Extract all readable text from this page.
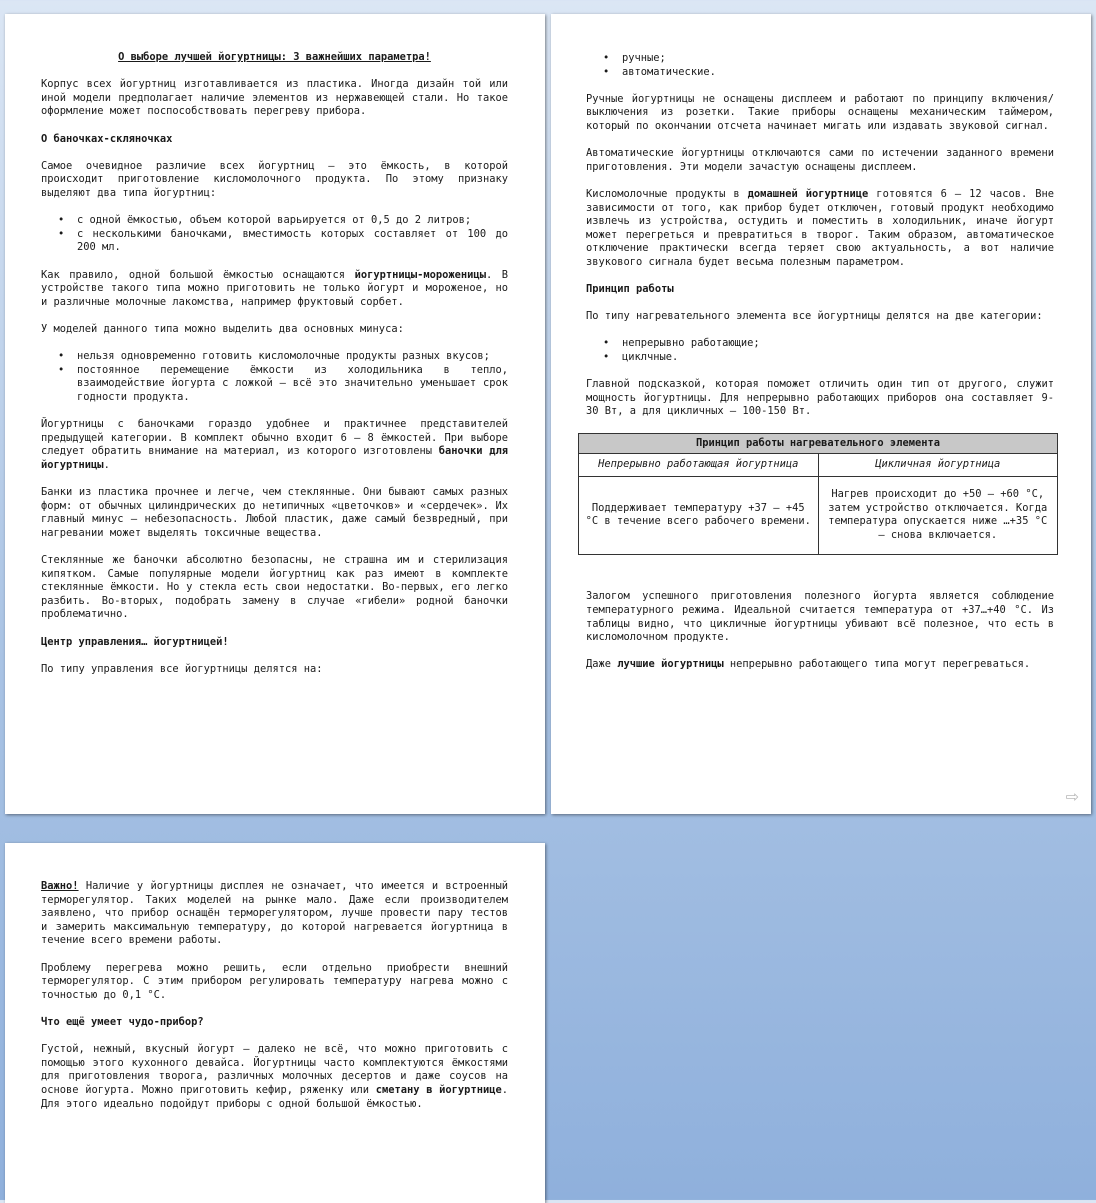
О выборе лучшей йогуртницы: 3 важнейших параметра!

Корпус всех йогуртниц изготавливается из пластика. Иногда дизайн той или иной модели предполагает наличие элементов из нержавеющей стали. Но такое оформление может поспособствовать перегреву прибора.

О баночках-скляночках

Самое очевидное различие всех йогуртниц – это ёмкость, в которой происходит приготовление кисломолочного продукта. По этому признаку выделяют два типа йогуртниц:

• с одной ёмкостью, объем которой варьируется от 0,5 до 2 литров;
• с несколькими баночками, вместимость которых составляет от 100 до 200 мл.

Как правило, одной большой ёмкостью оснащаются йогуртницы-мороженицы. В устройстве такого типа можно приготовить не только йогурт и мороженое, но и различные молочные лакомства, например фруктовый сорбет.

У моделей данного типа можно выделить два основных минуса:

• нельзя одновременно готовить кисломолочные продукты разных вкусов;
• постоянное перемещение ёмкости из холодильника в тепло, взаимодействие йогурта с ложкой – всё это значительно уменьшает срок годности продукта.

Йогуртницы с баночками гораздо удобнее и практичнее представителей предыдущей категории. В комплект обычно входит 6 – 8 ёмкостей. При выборе следует обратить внимание на материал, из которого изготовлены баночки для йогуртницы.

Банки из пластика прочнее и легче, чем стеклянные. Они бывают самых разных форм: от обычных цилиндрических до нетипичных «цветочков» и «сердечек». Их главный минус – небезопасность. Любой пластик, даже самый безвредный, при нагревании может выделять токсичные вещества.

Стеклянные же баночки абсолютно безопасны, не страшна им и стерилизация кипятком. Самые популярные модели йогуртниц как раз имеют в комплекте стеклянные ёмкости. Но у стекла есть свои недостатки. Во-первых, его легко разбить. Во-вторых, подобрать замену в случае «гибели» родной баночки проблематично.

Центр управления… йогуртницей!

По типу управления все йогуртницы делятся на:

• ручные;
• автоматические.

Ручные йогуртницы не оснащены дисплеем и работают по принципу включения/выключения из розетки. Такие приборы оснащены механическим таймером, который по окончании отсчета начинает мигать или издавать звуковой сигнал.

Автоматические йогуртницы отключаются сами по истечении заданного времени приготовления. Эти модели зачастую оснащены дисплеем.

Кисломолочные продукты в домашней йогуртнице готовятся 6 – 12 часов. Вне зависимости от того, как прибор будет отключен, готовый продукт необходимо извлечь из устройства, остудить и поместить в холодильник, иначе йогурт может перегреться и превратиться в творог. Таким образом, автоматическое отключение практически всегда теряет свою актуальность, а вот наличие звукового сигнала будет весьма полезным параметром.

Принцип работы

По типу нагревательного элемента все йогуртницы делятся на две категории:

• непрерывно работающие;
• циклчные.

Главной подсказкой, которая поможет отличить один тип от другого, служит мощность йогуртницы. Для непрерывно работающих приборов она составляет 9-30 Вт, а для цикличных – 100-150 Вт.

Принцип работы нагревательного элемента	
Непрерывно работающая йогуртница	Цикличная йогуртница
Поддерживает температуру +37 – +45 °С в течение всего рабочего времени.	Нагрев происходит до +50 – +60 °С, затем устройство отключается. Когда температура опускается ниже …+35 °С – снова включается.

Залогом успешного приготовления полезного йогурта является соблюдение температурного режима. Идеальной считается температура от +37…+40 °С. Из таблицы видно, что цикличные йогуртницы убивают всё полезное, что есть в кисломолочном продукте.

Даже лучшие йогуртницы непрерывно работающего типа могут перегреваться.

⇨

Важно! Наличие у йогуртницы дисплея не означает, что имеется и встроенный терморегулятор. Таких моделей на рынке мало. Даже если производителем заявлено, что прибор оснащён терморегулятором, лучше провести пару тестов и замерить максимальную температуру, до которой нагревается йогуртница в течение всего времени работы.

Проблему перегрева можно решить, если отдельно приобрести внешний терморегулятор. С этим прибором регулировать температуру нагрева можно с точностью до 0,1 °С.

Что ещё умеет чудо-прибор?

Густой, нежный, вкусный йогурт – далеко не всё, что можно приготовить с помощью этого кухонного девайса. Йогуртницы часто комплектуются ёмкостями для приготовления творога, различных молочных десертов и даже соусов на основе йогурта. Можно приготовить кефир, ряженку или сметану в йогуртнице. Для этого идеально подойдут приборы с одной большой ёмкостью.
